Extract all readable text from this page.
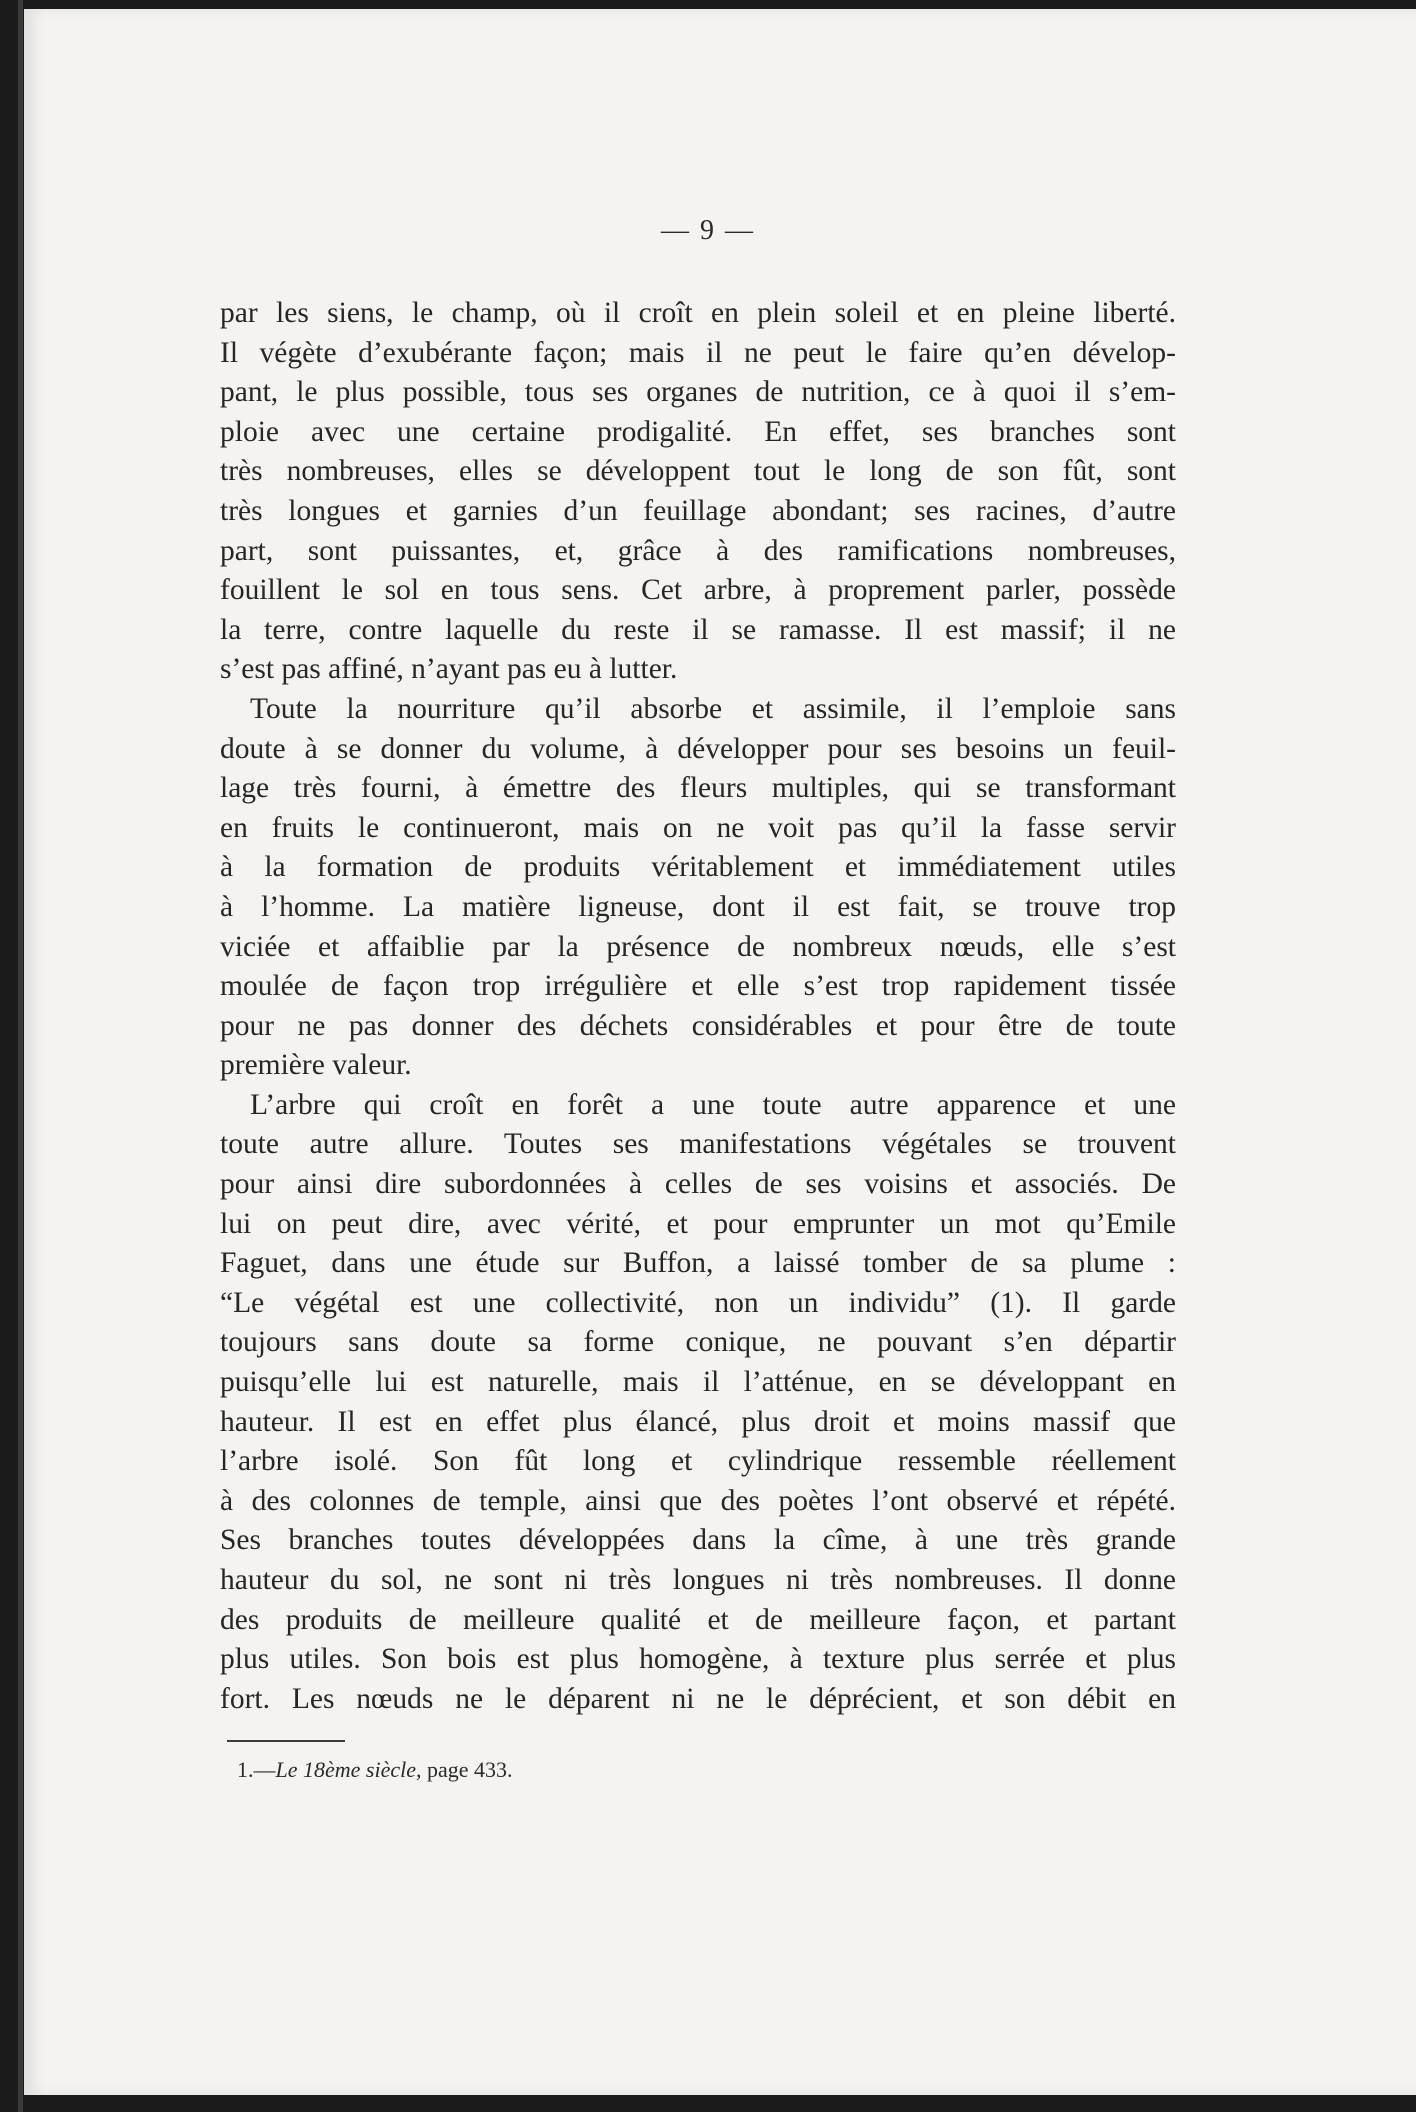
— 9 —

par les siens, le champ, où il croît en plein soleil et en pleine liberté.
Il végète d’exubérante façon; mais il ne peut le faire qu’en dévelop-
pant, le plus possible, tous ses organes de nutrition, ce à quoi il s’em-
ploie avec une certaine prodigalité. En effet, ses branches sont
très nombreuses, elles se développent tout le long de son fût, sont
très longues et garnies d’un feuillage abondant; ses racines, d’autre
part, sont puissantes, et, grâce à des ramifications nombreuses,
fouillent le sol en tous sens. Cet arbre, à proprement parler, possède
la terre, contre laquelle du reste il se ramasse. Il est massif; il ne
s’est pas affiné, n’ayant pas eu à lutter.

Toute la nourriture qu’il absorbe et assimile, il l’emploie sans
doute à se donner du volume, à développer pour ses besoins un feuil-
lage très fourni, à émettre des fleurs multiples, qui se transformant
en fruits le continueront, mais on ne voit pas qu’il la fasse servir
à la formation de produits véritablement et immédiatement utiles
à l’homme. La matière ligneuse, dont il est fait, se trouve trop
viciée et affaiblie par la présence de nombreux nœuds, elle s’est
moulée de façon trop irrégulière et elle s’est trop rapidement tissée
pour ne pas donner des déchets considérables et pour être de toute
première valeur.

L’arbre qui croît en forêt a une toute autre apparence et une
toute autre allure. Toutes ses manifestations végétales se trouvent
pour ainsi dire subordonnées à celles de ses voisins et associés. De
lui on peut dire, avec vérité, et pour emprunter un mot qu’Emile
Faguet, dans une étude sur Buffon, a laissé tomber de sa plume :
“Le végétal est une collectivité, non un individu” (1). Il garde
toujours sans doute sa forme conique, ne pouvant s’en départir
puisqu’elle lui est naturelle, mais il l’atténue, en se développant en
hauteur. Il est en effet plus élancé, plus droit et moins massif que
l’arbre isolé. Son fût long et cylindrique ressemble réellement
à des colonnes de temple, ainsi que des poètes l’ont observé et répété.
Ses branches toutes développées dans la cîme, à une très grande
hauteur du sol, ne sont ni très longues ni très nombreuses. Il donne
des produits de meilleure qualité et de meilleure façon, et partant
plus utiles. Son bois est plus homogène, à texture plus serrée et plus
fort. Les nœuds ne le déparent ni ne le déprécient, et son débit en

1.—Le 18ème siècle, page 433.
